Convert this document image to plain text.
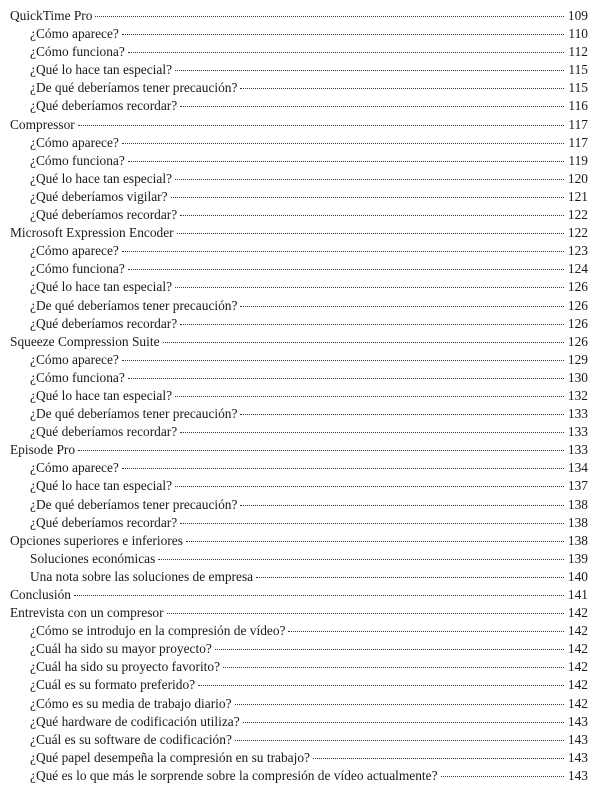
QuickTime Pro	109
¿Cómo aparece?	110
¿Cómo funciona?	112
¿Qué lo hace tan especial?	115
¿De qué deberíamos tener precaución?	115
¿Qué deberíamos recordar?	116
Compressor	117
¿Cómo aparece?	117
¿Cómo funciona?	119
¿Qué lo hace tan especial?	120
¿Qué deberíamos vigilar?	121
¿Qué deberíamos recordar?	122
Microsoft Expression Encoder	122
¿Cómo aparece?	123
¿Cómo funciona?	124
¿Qué lo hace tan especial?	126
¿De qué deberíamos tener precaución?	126
¿Qué deberíamos recordar?	126
Squeeze Compression Suite	126
¿Cómo aparece?	129
¿Cómo funciona?	130
¿Qué lo hace tan especial?	132
¿De qué deberíamos tener precaución?	133
¿Qué deberíamos recordar?	133
Episode Pro	133
¿Cómo aparece?	134
¿Qué lo hace tan especial?	137
¿De qué deberíamos tener precaución?	138
¿Qué deberíamos recordar?	138
Opciones superiores e inferiores	138
Soluciones económicas	139
Una nota sobre las soluciones de empresa	140
Conclusión	141
Entrevista con un compresor	142
¿Cómo se introdujo en la compresión de vídeo?	142
¿Cuál ha sido su mayor proyecto?	142
¿Cuál ha sido su proyecto favorito?	142
¿Cuál es su formato preferido?	142
¿Cómo es su media de trabajo diario?	142
¿Qué hardware de codificación utiliza?	143
¿Cuál es su software de codificación?	143
¿Qué papel desempeña la compresión en su trabajo?	143
¿Qué es lo que más le sorprende sobre la compresión de vídeo actualmente?	143
